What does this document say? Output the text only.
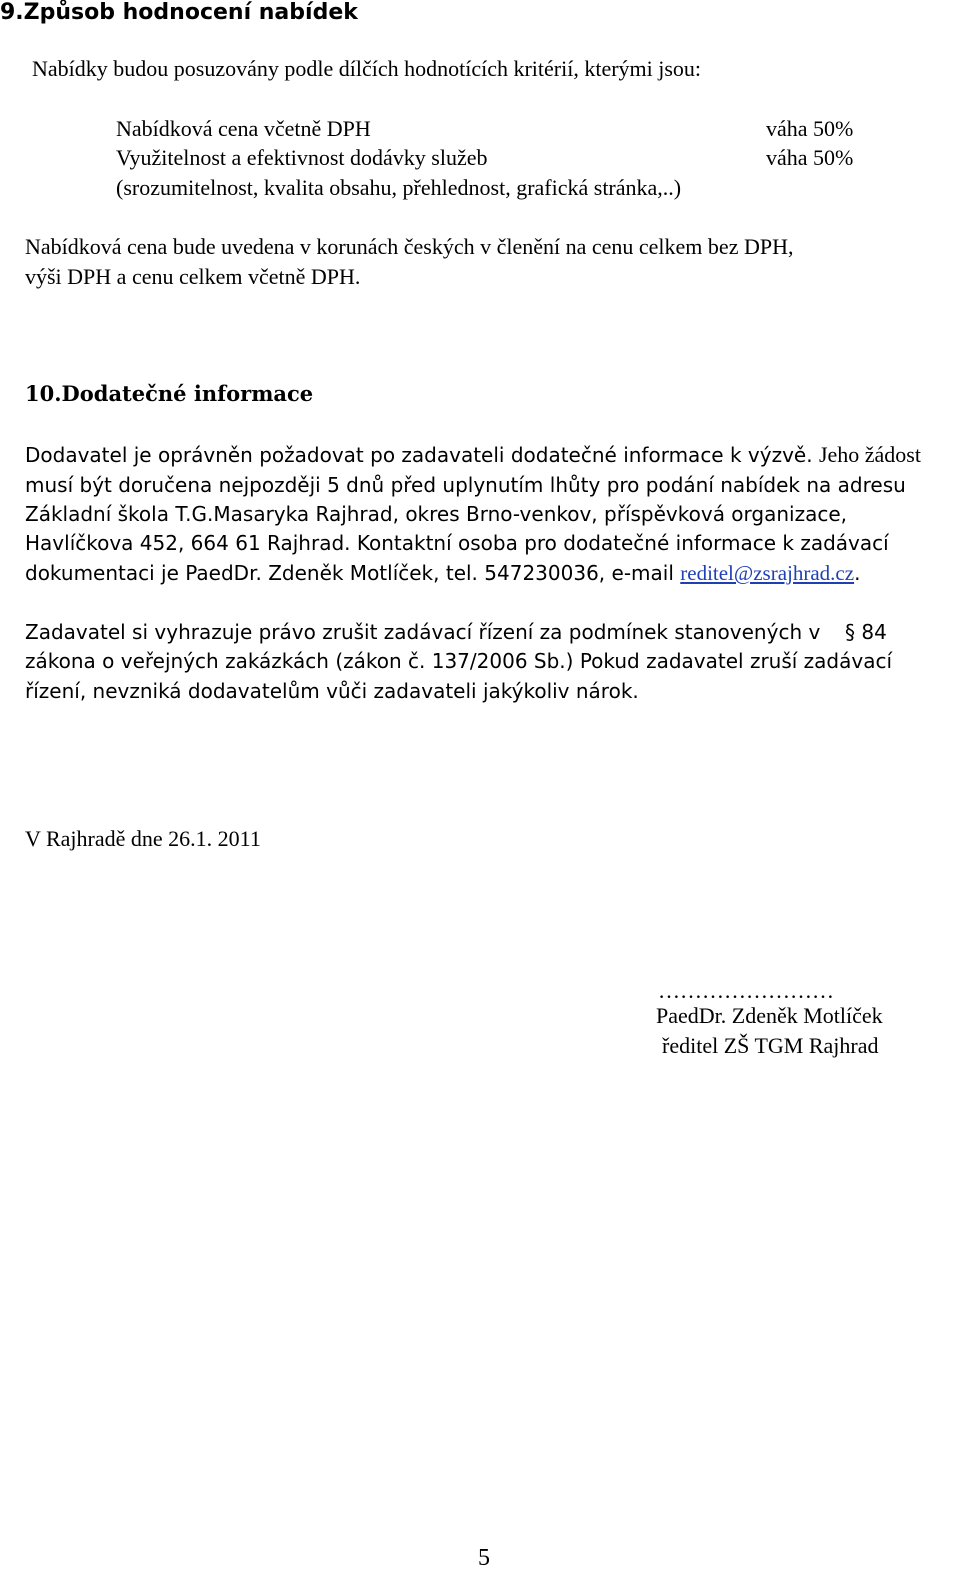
9.Způsob hodnocení nabídek
Nabídky budou posuzovány podle dílčích hodnotících kritérií, kterými jsou:
Nabídková cena včetně DPH	váha 50%
Využitelnost a efektivnost dodávky služeb	váha 50%
(srozumitelnost, kvalita obsahu, přehlednost, grafická stránka,..)
Nabídková cena bude uvedena v korunách českých v členění na cenu celkem bez DPH,
výši DPH a cenu celkem včetně DPH.
10.Dodatečné informace
Dodavatel je oprávněn požadovat po zadavateli dodatečné informace k výzvě. Jeho žádost
musí být doručena nejpozději 5 dnů před uplynutím lhůty pro podání nabídek na adresu
Základní škola T.G.Masaryka Rajhrad, okres Brno-venkov, příspěvková organizace,
Havlíčkova 452, 664 61 Rajhrad. Kontaktní osoba pro dodatečné informace k zadávací
dokumentaci je PaedDr. Zdeněk Motlíček, tel. 547230036, e-mail reditel@zsrajhrad.cz.
Zadavatel si vyhrazuje právo zrušit zadávací řízení za podmínek stanovených v § 84
zákona o veřejných zakázkách (zákon č. 137/2006 Sb.) Pokud zadavatel zruší zadávací
řízení, nevzniká dodavatelům vůči zadavateli jakýkoliv nárok.
V Rajhradě dne 26.1. 2011
……………………
PaedDr. Zdeněk Motlíček
ředitel ZŠ TGM Rajhrad
5
